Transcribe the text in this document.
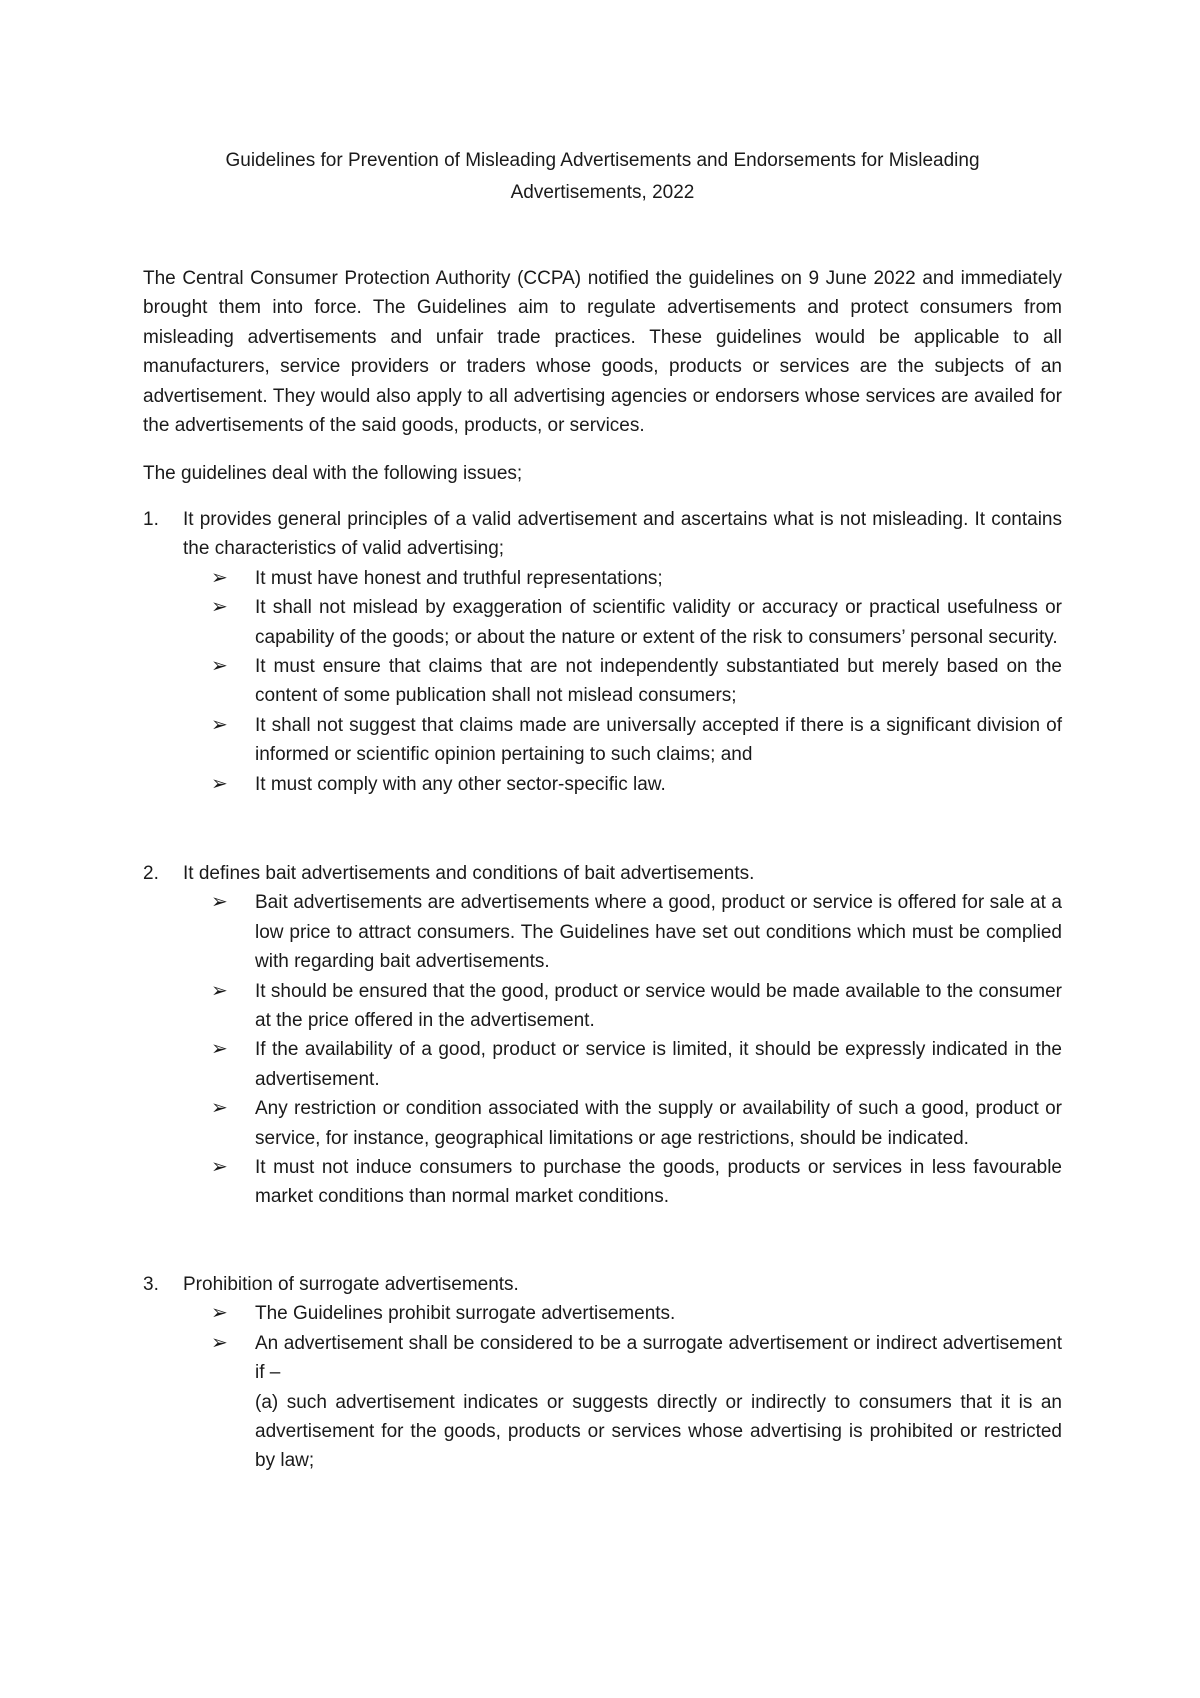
Guidelines for Prevention of Misleading Advertisements and Endorsements for Misleading
Advertisements, 2022

The Central Consumer Protection Authority (CCPA) notified the guidelines on 9 June 2022 and immediately brought them into force. The Guidelines aim to regulate advertisements and protect consumers from misleading advertisements and unfair trade practices. These guidelines would be applicable to all manufacturers, service providers or traders whose goods, products or services are the subjects of an advertisement. They would also apply to all advertising agencies or endorsers whose services are availed for the advertisements of the said goods, products, or services.

The guidelines deal with the following issues;

1. It provides general principles of a valid advertisement and ascertains what is not misleading. It contains the characteristics of valid advertising;
➢ It must have honest and truthful representations;
➢ It shall not mislead by exaggeration of scientific validity or accuracy or practical usefulness or capability of the goods; or about the nature or extent of the risk to consumers’ personal security.
➢ It must ensure that claims that are not independently substantiated but merely based on the content of some publication shall not mislead consumers;
➢ It shall not suggest that claims made are universally accepted if there is a significant division of informed or scientific opinion pertaining to such claims; and
➢ It must comply with any other sector-specific law.
2. It defines bait advertisements and conditions of bait advertisements.
➢ Bait advertisements are advertisements where a good, product or service is offered for sale at a low price to attract consumers. The Guidelines have set out conditions which must be complied with regarding bait advertisements.
➢ It should be ensured that the good, product or service would be made available to the consumer at the price offered in the advertisement.
➢ If the availability of a good, product or service is limited, it should be expressly indicated in the advertisement.
➢ Any restriction or condition associated with the supply or availability of such a good, product or service, for instance, geographical limitations or age restrictions, should be indicated.
➢ It must not induce consumers to purchase the goods, products or services in less favourable market conditions than normal market conditions.
3. Prohibition of surrogate advertisements.
➢ The Guidelines prohibit surrogate advertisements.
➢ An advertisement shall be considered to be a surrogate advertisement or indirect advertisement if –
(a) such advertisement indicates or suggests directly or indirectly to consumers that it is an advertisement for the goods, products or services whose advertising is prohibited or restricted by law;
